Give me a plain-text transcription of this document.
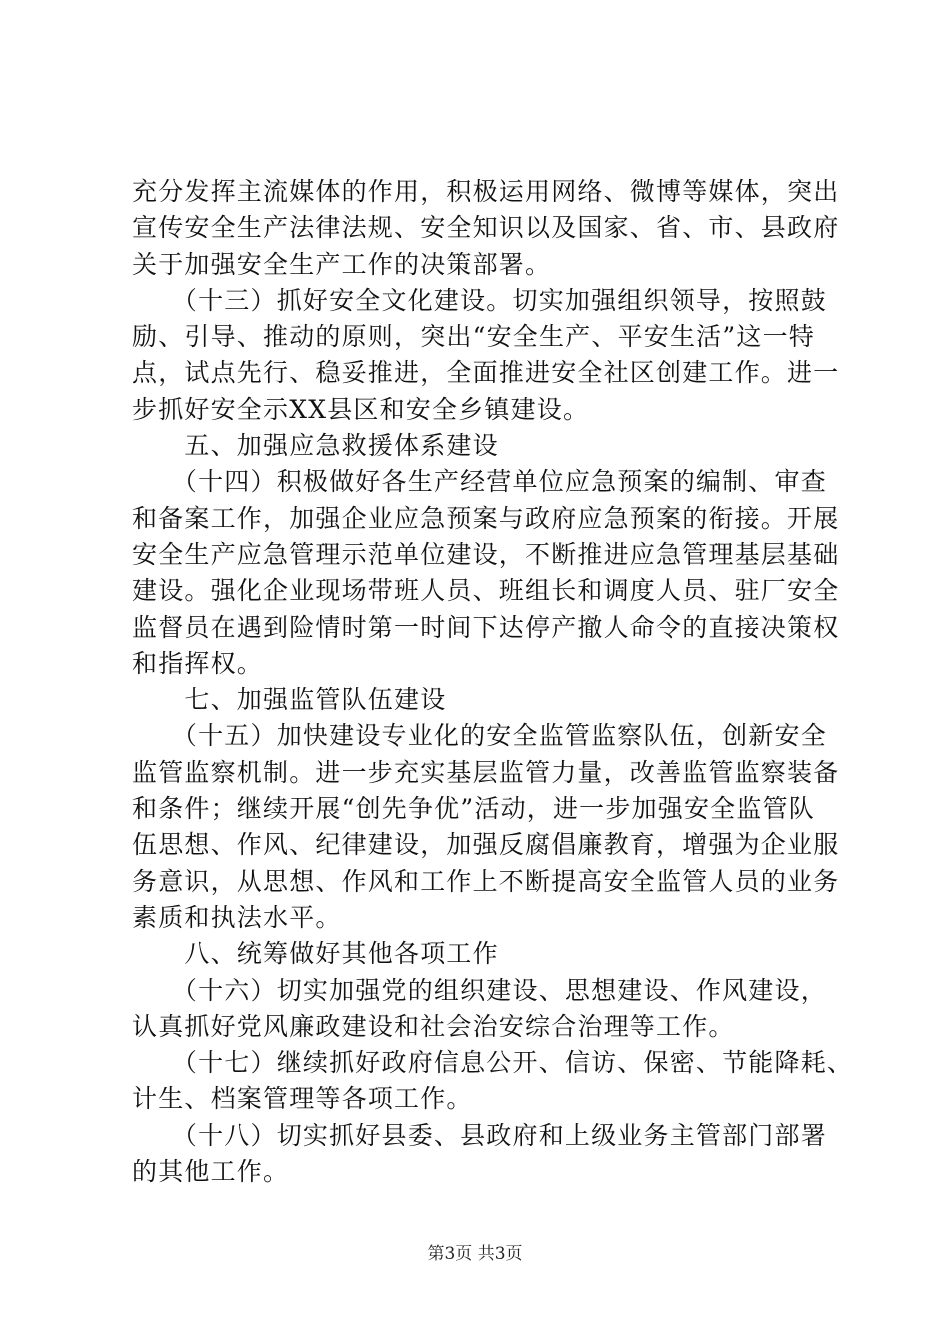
充分发挥主流媒体的作用，积极运用网络、微博等媒体，突出
宣传安全生产法律法规、安全知识以及国家、省、市、县政府
关于加强安全生产工作的决策部署。
　　（十三）抓好安全文化建设。切实加强组织领导，按照鼓
励、引导、推动的原则，突出“安全生产、平安生活”这一特
点，试点先行、稳妥推进，全面推进安全社区创建工作。进一
步抓好安全示XX县区和安全乡镇建设。
　　五、加强应急救援体系建设
　　（十四）积极做好各生产经营单位应急预案的编制、审查
和备案工作，加强企业应急预案与政府应急预案的衔接。开展
安全生产应急管理示范单位建设，不断推进应急管理基层基础
建设。强化企业现场带班人员、班组长和调度人员、驻厂安全
监督员在遇到险情时第一时间下达停产撤人命令的直接决策权
和指挥权。
　　七、加强监管队伍建设
　　（十五）加快建设专业化的安全监管监察队伍，创新安全
监管监察机制。进一步充实基层监管力量，改善监管监察装备
和条件；继续开展“创先争优”活动，进一步加强安全监管队
伍思想、作风、纪律建设，加强反腐倡廉教育，增强为企业服
务意识，从思想、作风和工作上不断提高安全监管人员的业务
素质和执法水平。
　　八、统筹做好其他各项工作
　　（十六）切实加强党的组织建设、思想建设、作风建设，
认真抓好党风廉政建设和社会治安综合治理等工作。
　　（十七）继续抓好政府信息公开、信访、保密、节能降耗、
计生、档案管理等各项工作。
　　（十八）切实抓好县委、县政府和上级业务主管部门部署
的其他工作。
第3页 共3页
